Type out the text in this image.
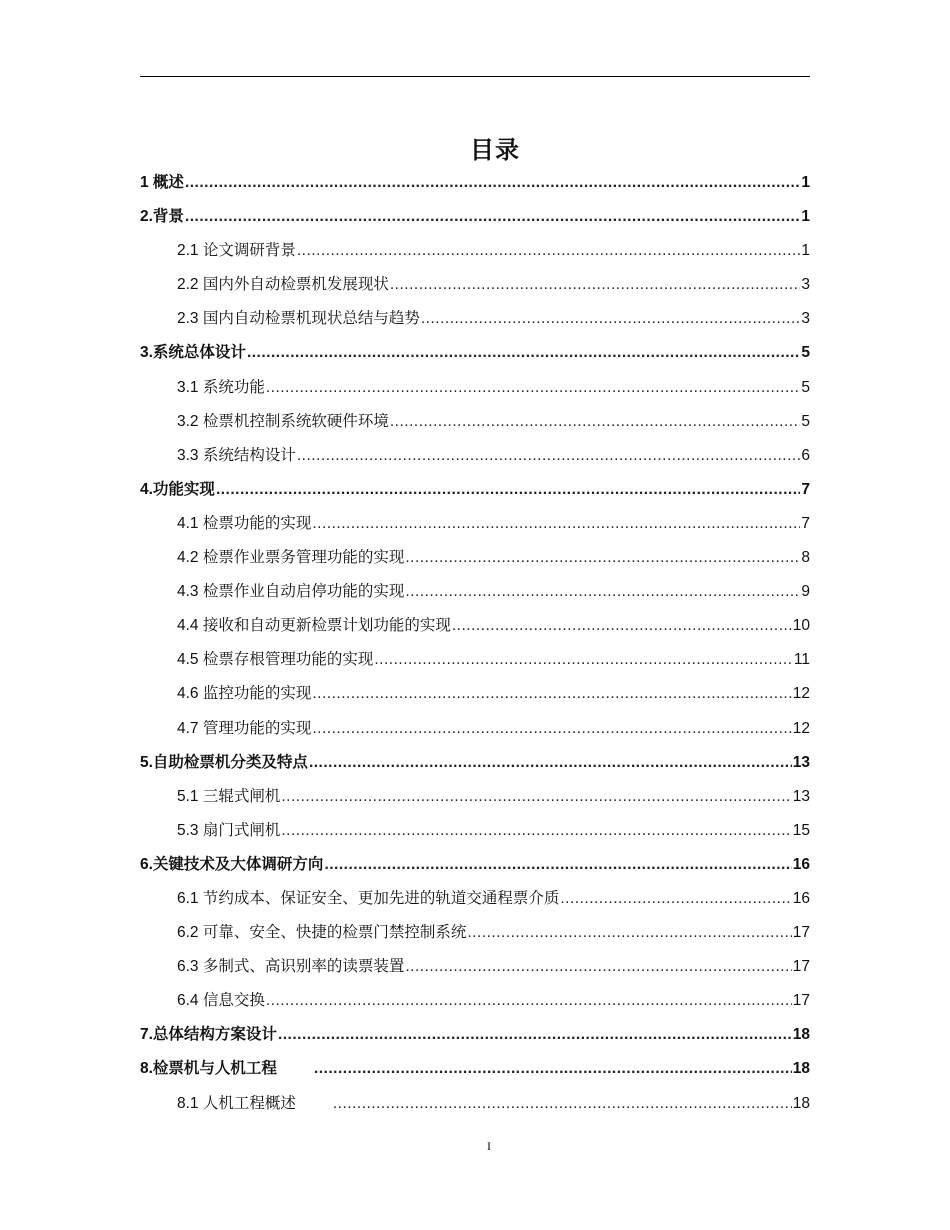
目录
1 概述 .....	1
2.背景 .....	1
2.1 论文调研背景 .....	1
2.2 国内外自动检票机发展现状 .....	3
2.3 国内自动检票机现状总结与趋势 .....	3
3.系统总体设计 .....	5
3.1 系统功能 .....	5
3.2 检票机控制系统软硬件环境 .....	5
3.3 系统结构设计 .....	6
4.功能实现 .....	7
4.1 检票功能的实现 .....	7
4.2 检票作业票务管理功能的实现 .....	8
4.3 检票作业自动启停功能的实现 .....	9
4.4 接收和自动更新检票计划功能的实现 .....	10
4.5 检票存根管理功能的实现 .....	11
4.6 监控功能的实现 .....	12
4.7 管理功能的实现 .....	12
5.自助检票机分类及特点 .....	13
5.1 三辊式闸机 .....	13
5.3 扇门式闸机 .....	15
6.关键技术及大体调研方向 .....	16
6.1 节约成本、保证安全、更加先进的轨道交通程票介质 .....	16
6.2 可靠、安全、快捷的检票门禁控制系统 .....	17
6.3 多制式、高识别率的读票装置 .....	17
6.4 信息交换 .....	17
7.总体结构方案设计 .....	18
8.检票机与人机工程 .....	18
8.1 人机工程概述 .....	18
I
